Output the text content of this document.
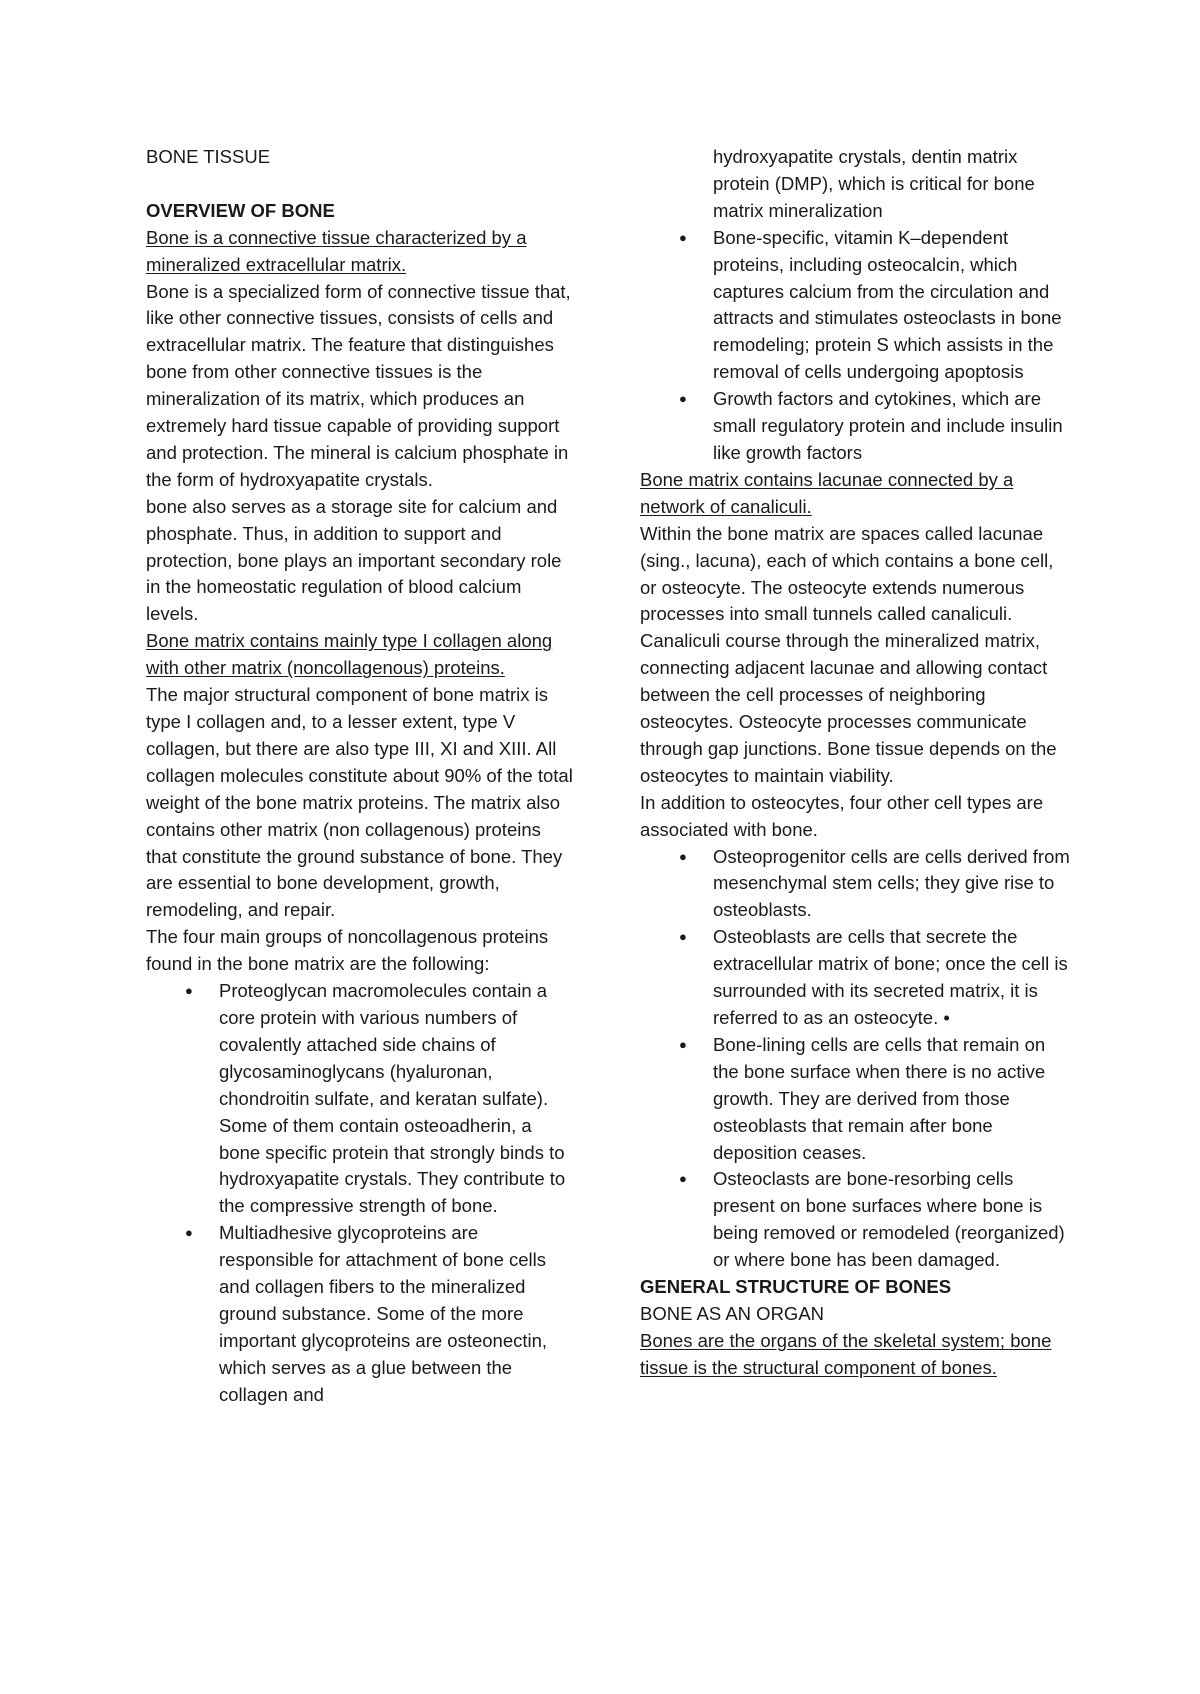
BONE TISSUE

OVERVIEW OF BONE

Bone is a connective tissue characterized by a mineralized extracellular matrix.

Bone is a specialized form of connective tissue that, like other connective tissues, consists of cells and extracellular matrix. The feature that distinguishes bone from other connective tissues is the mineralization of its matrix, which produces an extremely hard tissue capable of providing support and protection. The mineral is calcium phosphate in the form of hydroxyapatite crystals.

bone also serves as a storage site for calcium and phosphate. Thus, in addition to support and protection, bone plays an important secondary role in the homeostatic regulation of blood calcium levels.

Bone matrix contains mainly type I collagen along with other matrix (noncollagenous) proteins.

The major structural component of bone matrix is type I collagen and, to a lesser extent, type V collagen, but there are also type III, XI and XIII. All collagen molecules constitute about 90% of the total weight of the bone matrix proteins. The matrix also contains other matrix (non collagenous) proteins that constitute the ground substance of bone. They are essential to bone development, growth, remodeling, and repair.

The four main groups of noncollagenous proteins found in the bone matrix are the following:

● Proteoglycan macromolecules contain a core protein with various numbers of covalently attached side chains of glycosaminoglycans (hyaluronan, chondroitin sulfate, and keratan sulfate). Some of them contain osteoadherin, a bone specific protein that strongly binds to hydroxyapatite crystals. They contribute to the compressive strength of bone.
● Multiadhesive glycoproteins are responsible for attachment of bone cells and collagen fibers to the mineralized ground substance. Some of the more important glycoproteins are osteonectin, which serves as a glue between the collagen and

hydroxyapatite crystals, dentin matrix protein (DMP), which is critical for bone matrix mineralization

● Bone-specific, vitamin K–dependent proteins, including osteocalcin, which captures calcium from the circulation and attracts and stimulates osteoclasts in bone remodeling; protein S which assists in the removal of cells undergoing apoptosis
● Growth factors and cytokines, which are small regulatory protein and include insulin like growth factors

Bone matrix contains lacunae connected by a network of canaliculi.

Within the bone matrix are spaces called lacunae (sing., lacuna), each of which contains a bone cell, or osteocyte. The osteocyte extends numerous processes into small tunnels called canaliculi. Canaliculi course through the mineralized matrix, connecting adjacent lacunae and allowing contact between the cell processes of neighboring osteocytes. Osteocyte processes communicate through gap junctions. Bone tissue depends on the osteocytes to maintain viability.

In addition to osteocytes, four other cell types are associated with bone.

● Osteoprogenitor cells are cells derived from mesenchymal stem cells; they give rise to osteoblasts.
● Osteoblasts are cells that secrete the extracellular matrix of bone; once the cell is surrounded with its secreted matrix, it is referred to as an osteocyte. •
● Bone-lining cells are cells that remain on the bone surface when there is no active growth. They are derived from those osteoblasts that remain after bone deposition ceases.
● Osteoclasts are bone-resorbing cells present on bone surfaces where bone is being removed or remodeled (reorganized) or where bone has been damaged.

GENERAL STRUCTURE OF BONES

BONE AS AN ORGAN

Bones are the organs of the skeletal system; bone tissue is the structural component of bones.
